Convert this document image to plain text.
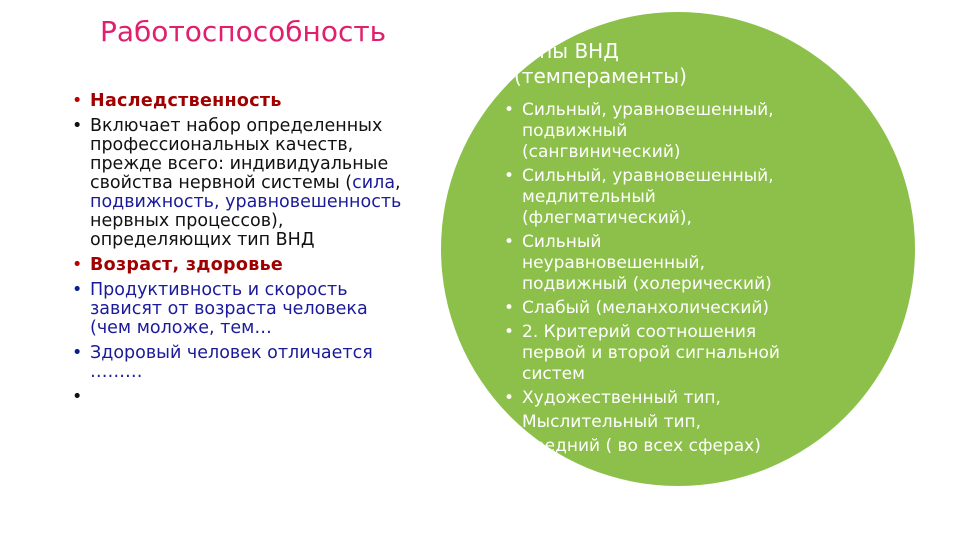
Работоспособность
• Наследственность
• Включает набор определенных профессиональных качеств, прежде всего: индивидуальные свойства нервной системы (сила, подвижность, уравновешенность нервных процессов), определяющих тип ВНД
• Возраст, здоровье
• Продуктивность и скорость зависят от возраста человека (чем моложе, тем…
• Здоровый человек отличается ………
•
Типы ВНД
(темпераменты)
• Сильный, уравновешенный,
подвижный
(сангвинический)
• Сильный, уравновешенный,
медлительный
(флегматический),
• Сильный
неуравновешенный,
подвижный (холерический)
• Слабый (меланхолический)
• 2. Критерий соотношения
первой и второй сигнальной
систем
• Художественный тип,
Мыслительный тип,
Средний ( во всех сферах)
